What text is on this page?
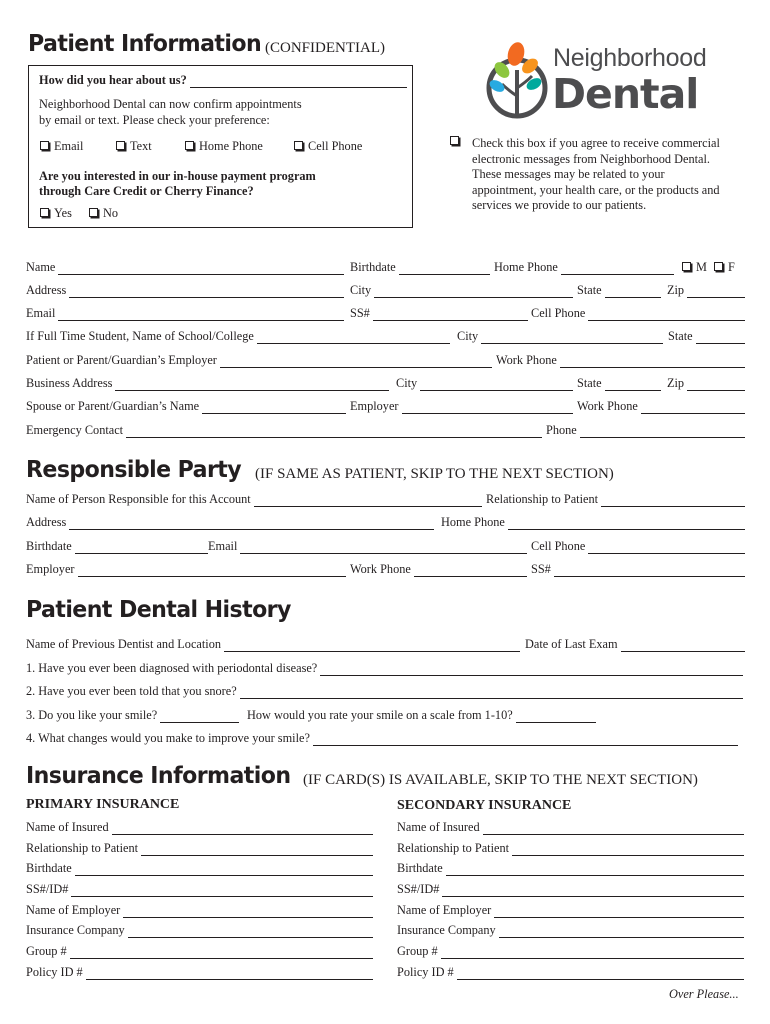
Patient Information (CONFIDENTIAL)	Neighborhood
Dental
How did you hear about us?
Neighborhood Dental can now confirm appointments
by email or text. Please check your preference:
Email	Text	Home Phone	Cell Phone
Are you interested in our in-house payment program
through Care Credit or Cherry Finance?
Yes	No
Check this box if you agree to receive commercial
electronic messages from Neighborhood Dental.
These messages may be related to your
appointment, your health care, or the products and
services we provide to our patients.
Name	Birthdate	Home Phone	M	F
Address	City	State	Zip
Email	SS#	Cell Phone
If Full Time Student, Name of School/College	City	State
Patient or Parent/Guardian’s Employer	Work Phone
Business Address	City	State	Zip
Spouse or Parent/Guardian’s Name	Employer	Work Phone
Emergency Contact	Phone
Responsible Party (IF SAME AS PATIENT, SKIP TO THE NEXT SECTION)
Name of Person Responsible for this Account	Relationship to Patient
Address	Home Phone
Birthdate	Email	Cell Phone
Employer	Work Phone	SS#
Patient Dental History
Name of Previous Dentist and Location	Date of Last Exam
1. Have you ever been diagnosed with periodontal disease?
2. Have you ever been told that you snore?
3. Do you like your smile?	How would you rate your smile on a scale from 1-10?
4. What changes would you make to improve your smile?
Insurance Information (IF CARD(S) IS AVAILABLE, SKIP TO THE NEXT SECTION)
PRIMARY INSURANCE	SECONDARY INSURANCE
Name of Insured
Relationship to Patient
Birthdate
SS#/ID#
Name of Employer
Insurance Company
Group #
Policy ID #
Name of Insured
Relationship to Patient
Birthdate
SS#/ID#
Name of Employer
Insurance Company
Group #
Policy ID #
Over Please...
